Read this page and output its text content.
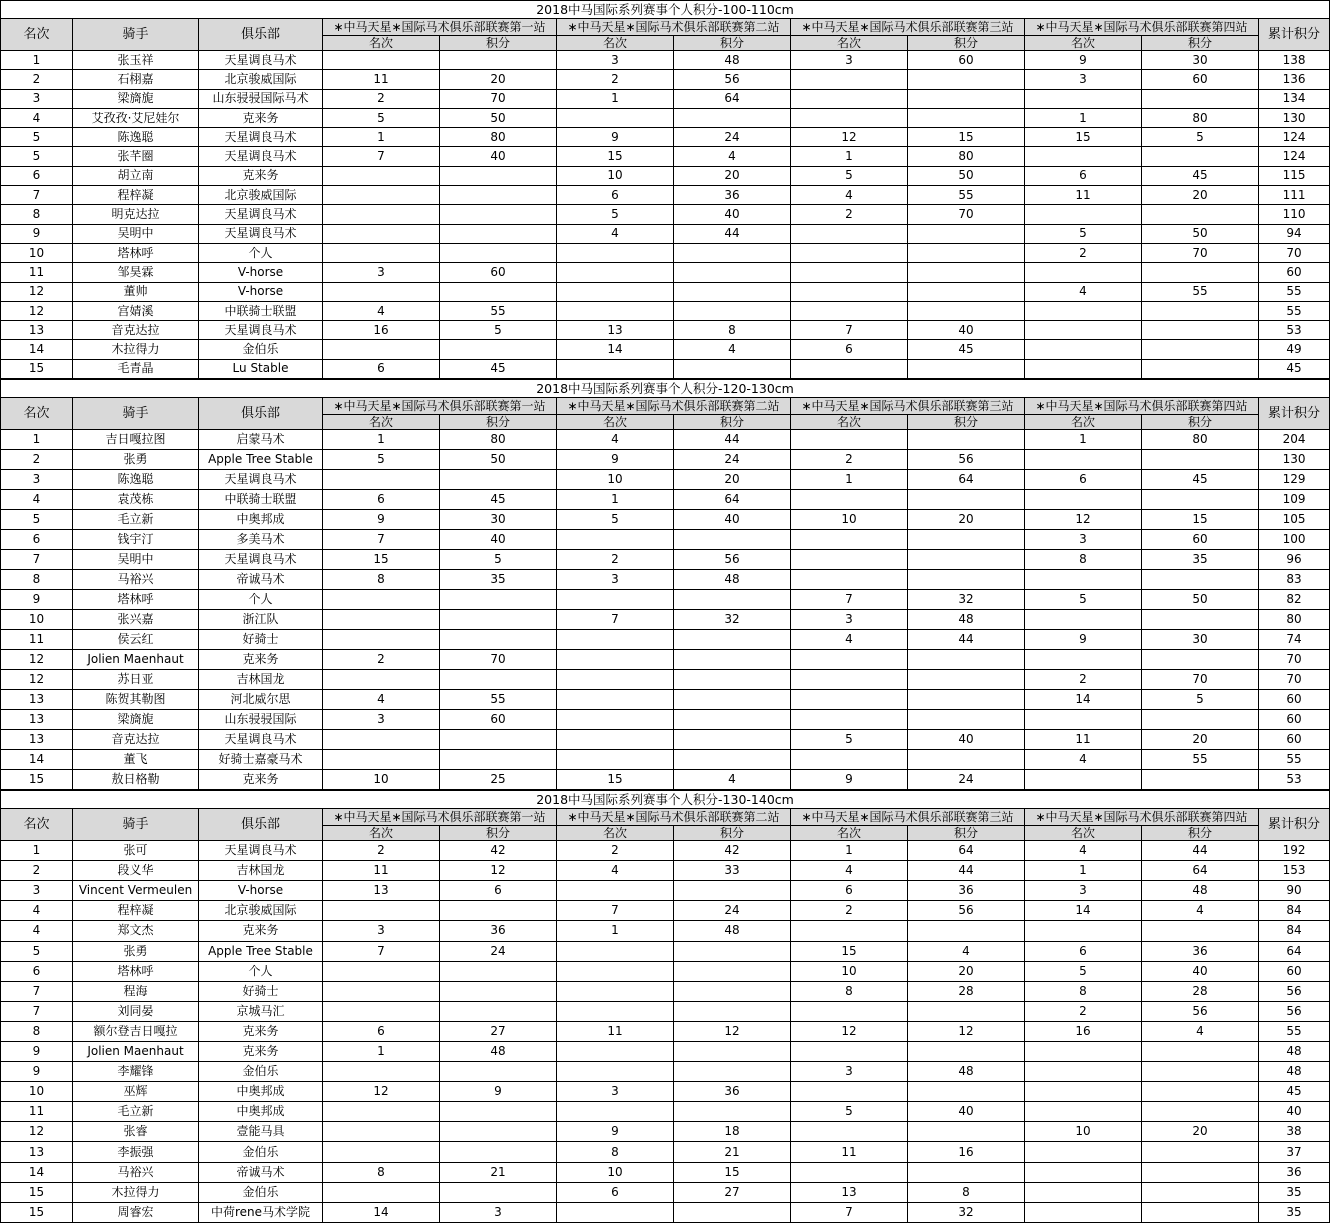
2018中马国际系列赛事个人积分-100-110cm											
名次	骑手	俱乐部	∗中马天星∗国际马术俱乐部联赛第一站		∗中马天星∗国际马术俱乐部联赛第二站		∗中马天星∗国际马术俱乐部联赛第三站		∗中马天星∗国际马术俱乐部联赛第四站		累计积分
			名次	积分	名次	积分	名次	积分	名次	积分	
1	张玉祥	天星调良马术			3	48	3	60	9	30	138
2	石栩嘉	北京骏威国际	11	20	2	56			3	60	136
3	梁旖旎	山东骎骎国际马术	2	70	1	64					134
4	艾孜孜·艾尼娃尔	克来务	5	50					1	80	130
5	陈逸聪	天星调良马术	1	80	9	24	12	15	15	5	124
5	张芊圈	天星调良马术	7	40	15	4	1	80			124
6	胡立南	克来务			10	20	5	50	6	45	115
7	程梓凝	北京骏威国际			6	36	4	55	11	20	111
8	明克达拉	天星调良马术			5	40	2	70			110
9	吴明中	天星调良马术			4	44			5	50	94
10	塔林呼	个人							2	70	70
11	邹昊霖	V-horse	3	60							60
12	董帅	V-horse							4	55	55
12	宫婧溪	中联骑士联盟	4	55							55
13	音克达拉	天星调良马术	16	5	13	8	7	40			53
14	木拉得力	金伯乐			14	4	6	45			49
15	毛青晶	Lu Stable	6	45							45
2018中马国际系列赛事个人积分-120-130cm											
名次	骑手	俱乐部	∗中马天星∗国际马术俱乐部联赛第一站		∗中马天星∗国际马术俱乐部联赛第二站		∗中马天星∗国际马术俱乐部联赛第三站		∗中马天星∗国际马术俱乐部联赛第四站		累计积分
			名次	积分	名次	积分	名次	积分	名次	积分	
1	吉日嘎拉图	启蒙马术	1	80	4	44			1	80	204
2	张勇	Apple Tree Stable	5	50	9	24	2	56			130
3	陈逸聪	天星调良马术			10	20	1	64	6	45	129
4	袁茂栋	中联骑士联盟	6	45	1	64					109
5	毛立新	中奥邦成	9	30	5	40	10	20	12	15	105
6	钱宇汀	多美马术	7	40					3	60	100
7	吴明中	天星调良马术	15	5	2	56			8	35	96
8	马裕兴	帝诚马术	8	35	3	48					83
9	塔林呼	个人					7	32	5	50	82
10	张兴嘉	浙江队			7	32	3	48			80
11	侯云红	好骑士					4	44	9	30	74
12	Jolien Maenhaut	克来务	2	70							70
12	苏日亚	吉林国龙							2	70	70
13	陈贺其勒图	河北威尔思	4	55					14	5	60
13	梁旖旎	山东骎骎国际	3	60							60
13	音克达拉	天星调良马术					5	40	11	20	60
14	董飞	好骑士嘉豪马术							4	55	55
15	敖日格勒	克来务	10	25	15	4	9	24			53
2018中马国际系列赛事个人积分-130-140cm											
名次	骑手	俱乐部	∗中马天星∗国际马术俱乐部联赛第一站		∗中马天星∗国际马术俱乐部联赛第二站		∗中马天星∗国际马术俱乐部联赛第三站		∗中马天星∗国际马术俱乐部联赛第四站		累计积分
			名次	积分	名次	积分	名次	积分	名次	积分	
1	张可	天星调良马术	2	42	2	42	1	64	4	44	192
2	段义华	吉林国龙	11	12	4	33	4	44	1	64	153
3	Vincent Vermeulen	V-horse	13	6			6	36	3	48	90
4	程梓凝	北京骏威国际			7	24	2	56	14	4	84
4	郑文杰	克来务	3	36	1	48					84
5	张勇	Apple Tree Stable	7	24			15	4	6	36	64
6	塔林呼	个人					10	20	5	40	60
7	程海	好骑士					8	28	8	28	56
7	刘同晏	京城马汇							2	56	56
8	额尔登吉日嘎拉	克来务	6	27	11	12	12	12	16	4	55
9	Jolien Maenhaut	克来务	1	48							48
9	李耀锋	金伯乐					3	48			48
10	巫辉	中奥邦成	12	9	3	36					45
11	毛立新	中奥邦成					5	40			40
12	张睿	壹能马具			9	18			10	20	38
13	李振强	金伯乐			8	21	11	16			37
14	马裕兴	帝诚马术	8	21	10	15					36
15	木拉得力	金伯乐			6	27	13	8			35
15	周睿宏	中荷rene马术学院	14	3			7	32			35
